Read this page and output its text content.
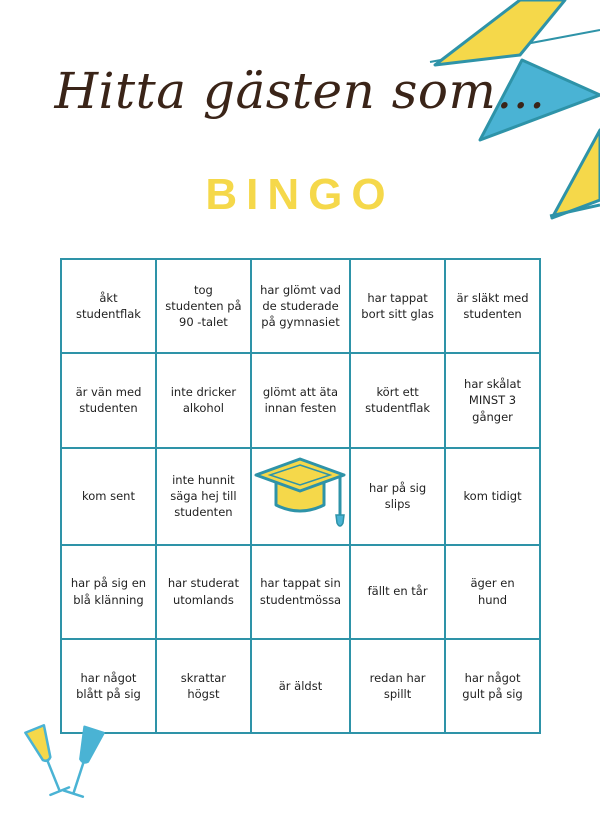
Hitta gästen som...
BINGO
åkt studentflak
tog studenten på 90 -talet
har glömt vad de studerade på gymnasiet
har tappat bort sitt glas
är släkt med studenten
är vän med studenten
inte dricker alkohol
glömt att äta innan festen
kört ett studentflak
har skålat MINST 3 gånger
kom sent
inte hunnit säga hej till studenten
har på sig slips
kom tidigt
har på sig en blå klänning
har studerat utomlands
har tappat sin studentmössa
fällt en tår
äger en hund
har något blått på sig
skrattar högst
är äldst
redan har spillt
har något gult på sig
